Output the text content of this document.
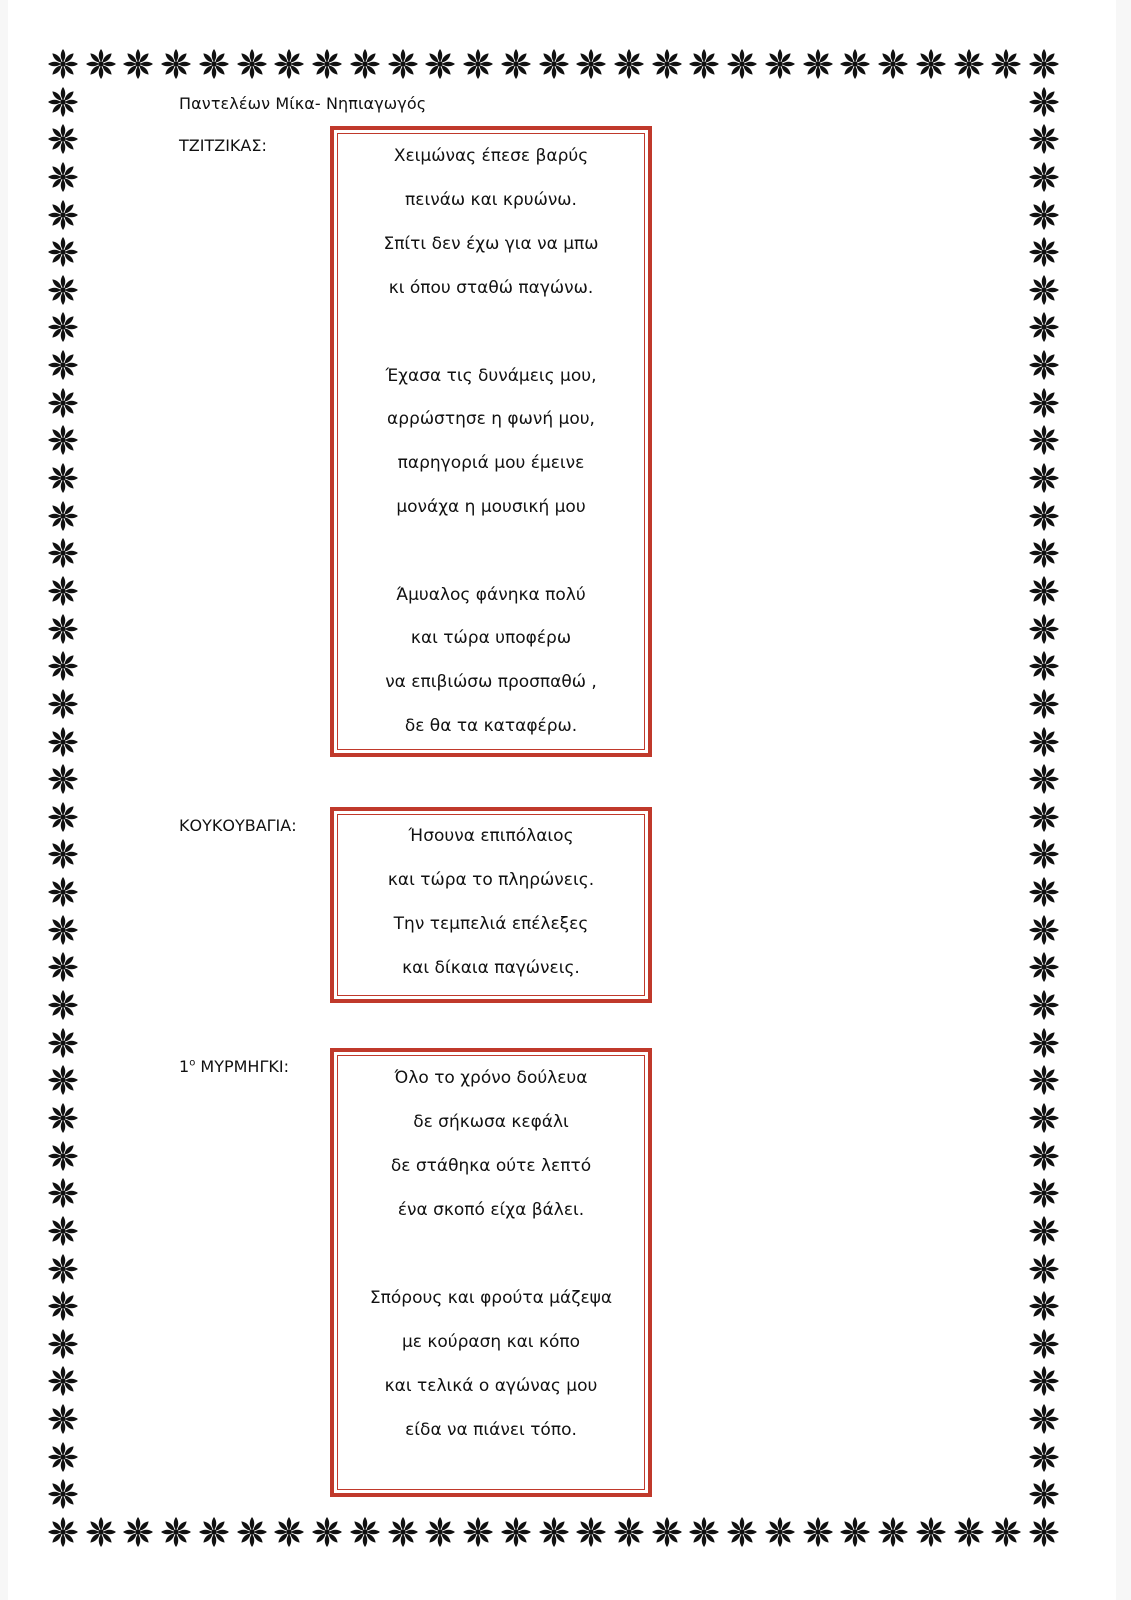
Παντελέων Μίκα- Νηπιαγωγός
ΤΖΙΤΖΙΚΑΣ:
Χειμώνας έπεσε βαρύς
πεινάω και κρυώνω.
Σπίτι δεν έχω για να μπω
κι όπου σταθώ παγώνω.
Έχασα τις δυνάμεις μου,
αρρώστησε η φωνή μου,
παρηγοριά μου έμεινε
μονάχα η μουσική μου
Άμυαλος φάνηκα πολύ
και τώρα υποφέρω
να επιβιώσω προσπαθώ ,
δε θα τα καταφέρω.
ΚΟΥΚΟΥΒΑΓΙΑ:
Ήσουνα επιπόλαιος
και τώρα το πληρώνεις.
Την τεμπελιά επέλεξες
και δίκαια παγώνεις.
$1^o$ ΜΥΡΜΗΓΚΙ:
Όλο το χρόνο δούλευα
δε σήκωσα κεφάλι
δε στάθηκα ούτε λεπτό
ένα σκοπό είχα βάλει.
Σπόρους και φρούτα μάζεψα
με κούραση και κόπο
και τελικά ο αγώνας μου
είδα να πιάνει τόπο.
